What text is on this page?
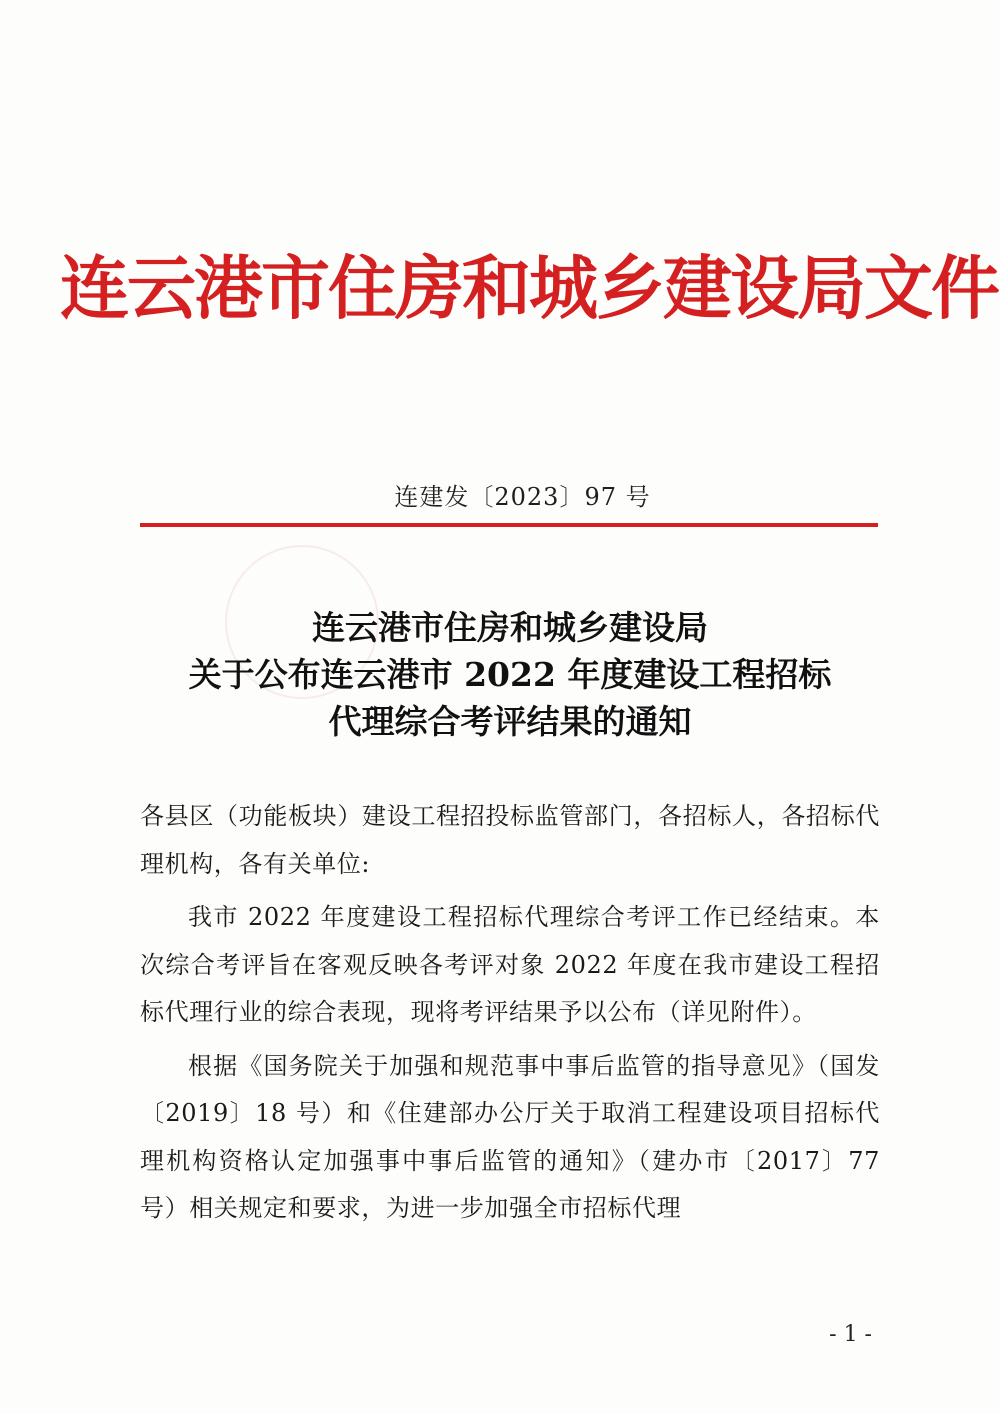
连云港市住房和城乡建设局文件
连建发〔2023〕97 号
连云港市住房和城乡建设局
关于公布连云港市 2022 年度建设工程招标
代理综合考评结果的通知

各县区（功能板块）建设工程招投标监管部门，各招标人，各招标代理机构，各有关单位:

我市 2022 年度建设工程招标代理综合考评工作已经结束。本次综合考评旨在客观反映各考评对象 2022 年度在我市建设工程招标代理行业的综合表现，现将考评结果予以公布（详见附件）。

根据《国务院关于加强和规范事中事后监管的指导意见》（国发〔2019〕18 号）和《住建部办公厅关于取消工程建设项目招标代理机构资格认定加强事中事后监管的通知》（建办市〔2017〕77 号）相关规定和要求，为进一步加强全市招标代理

- 1 -
